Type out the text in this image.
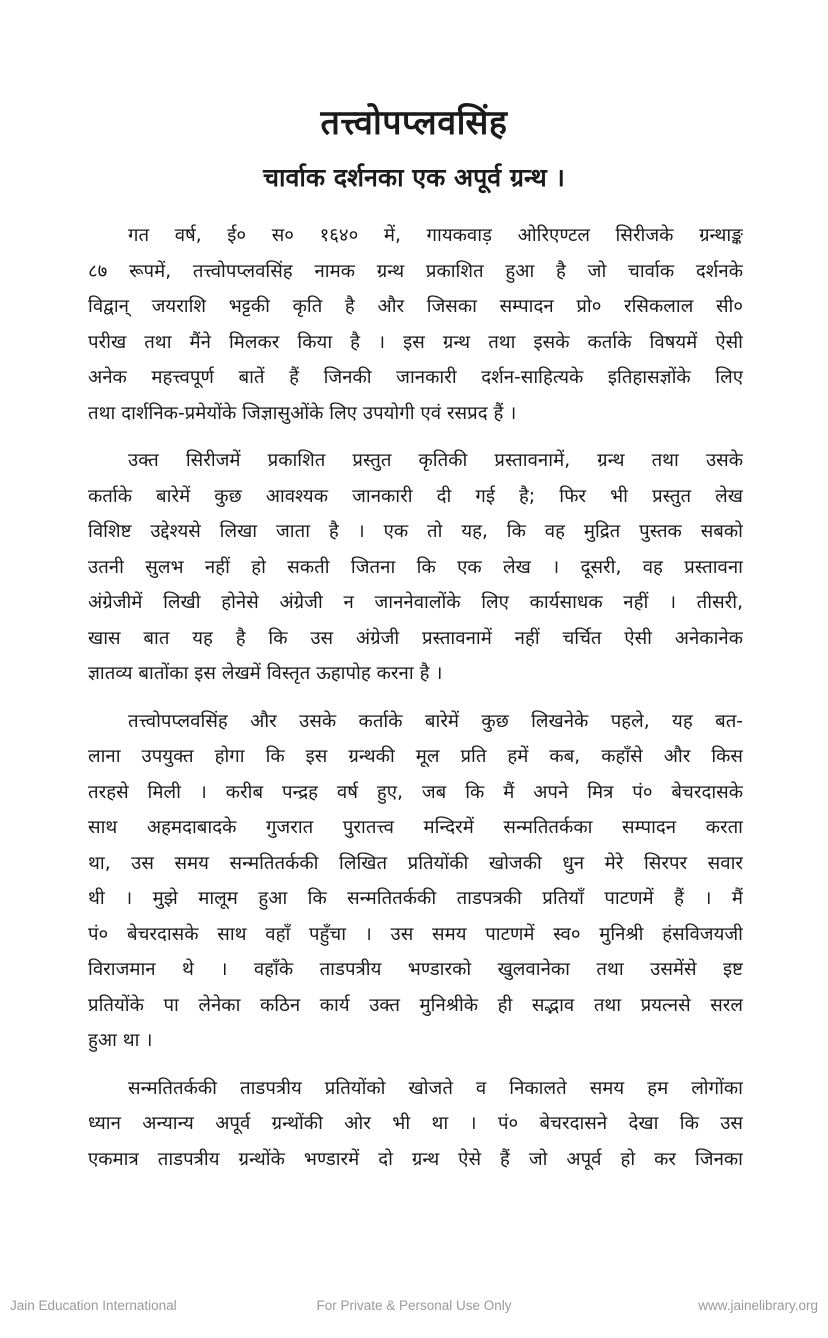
तत्त्वोपप्लवसिंह
चार्वाक दर्शनका एक अपूर्व ग्रन्थ ।
गत वर्ष, ई० स० १६४० में, गायकवाड़ ओरिएण्टल सिरीजके ग्रन्थाङ्क
८७ रूपमें, तत्त्वोपप्लवसिंह नामक ग्रन्थ प्रकाशित हुआ है जो चार्वाक दर्शनके
विद्वान् जयराशि भट्टकी कृति है और जिसका सम्पादन प्रो० रसिकलाल सी०
परीख तथा मैंने मिलकर किया है । इस ग्रन्थ तथा इसके कर्ताके विषयमें ऐसी
अनेक महत्त्वपूर्ण बातें हैं जिनकी जानकारी दर्शन-साहित्यके इतिहासज्ञोंके लिए
तथा दार्शनिक-प्रमेयोंके जिज्ञासुओंके लिए उपयोगी एवं रसप्रद हैं ।
उक्त सिरीजमें प्रकाशित प्रस्तुत कृतिकी प्रस्तावनामें, ग्रन्थ तथा उसके
कर्ताके बारेमें कुछ आवश्यक जानकारी दी गई है; फिर भी प्रस्तुत लेख
विशिष्ट उद्देश्यसे लिखा जाता है । एक तो यह, कि वह मुद्रित पुस्तक सबको
उतनी सुलभ नहीं हो सकती जितना कि एक लेख । दूसरी, वह प्रस्तावना
अंग्रेजीमें लिखी होनेसे अंग्रेजी न जाननेवालोंके लिए कार्यसाधक नहीं । तीसरी,
खास बात यह है कि उस अंग्रेजी प्रस्तावनामें नहीं चर्चित ऐसी अनेकानेक
ज्ञातव्य बातोंका इस लेखमें विस्तृत ऊहापोह करना है ।
तत्त्वोपप्लवसिंह और उसके कर्ताके बारेमें कुछ लिखनेके पहले, यह बत-
लाना उपयुक्त होगा कि इस ग्रन्थकी मूल प्रति हमें कब, कहाँसे और किस
तरहसे मिली । करीब पन्द्रह वर्ष हुए, जब कि मैं अपने मित्र पं० बेचरदासके
साथ अहमदाबादके गुजरात पुरातत्त्व मन्दिरमें सन्मतितर्कका सम्पादन करता
था, उस समय सन्मतितर्ककी लिखित प्रतियोंकी खोजकी धुन मेरे सिरपर सवार
थी । मुझे मालूम हुआ कि सन्मतितर्ककी ताडपत्रकी प्रतियाँ पाटणमें हैं । मैं
पं० बेचरदासके साथ वहाँ पहुँचा । उस समय पाटणमें स्व० मुनिश्री हंसविजयजी
विराजमान थे । वहाँके ताडपत्रीय भण्डारको खुलवानेका तथा उसमेंसे इष्ट
प्रतियोंके पा लेनेका कठिन कार्य उक्त मुनिश्रीके ही सद्भाव तथा प्रयत्नसे सरल
हुआ था ।
सन्मतितर्ककी ताडपत्रीय प्रतियोंको खोजते व निकालते समय हम लोगोंका
ध्यान अन्यान्य अपूर्व ग्रन्थोंकी ओर भी था । पं० बेचरदासने देखा कि उस
एकमात्र ताडपत्रीय ग्रन्थोंके भण्डारमें दो ग्रन्थ ऐसे हैं जो अपूर्व हो कर जिनका
Jain Education International	For Private & Personal Use Only	www.jainelibrary.org
